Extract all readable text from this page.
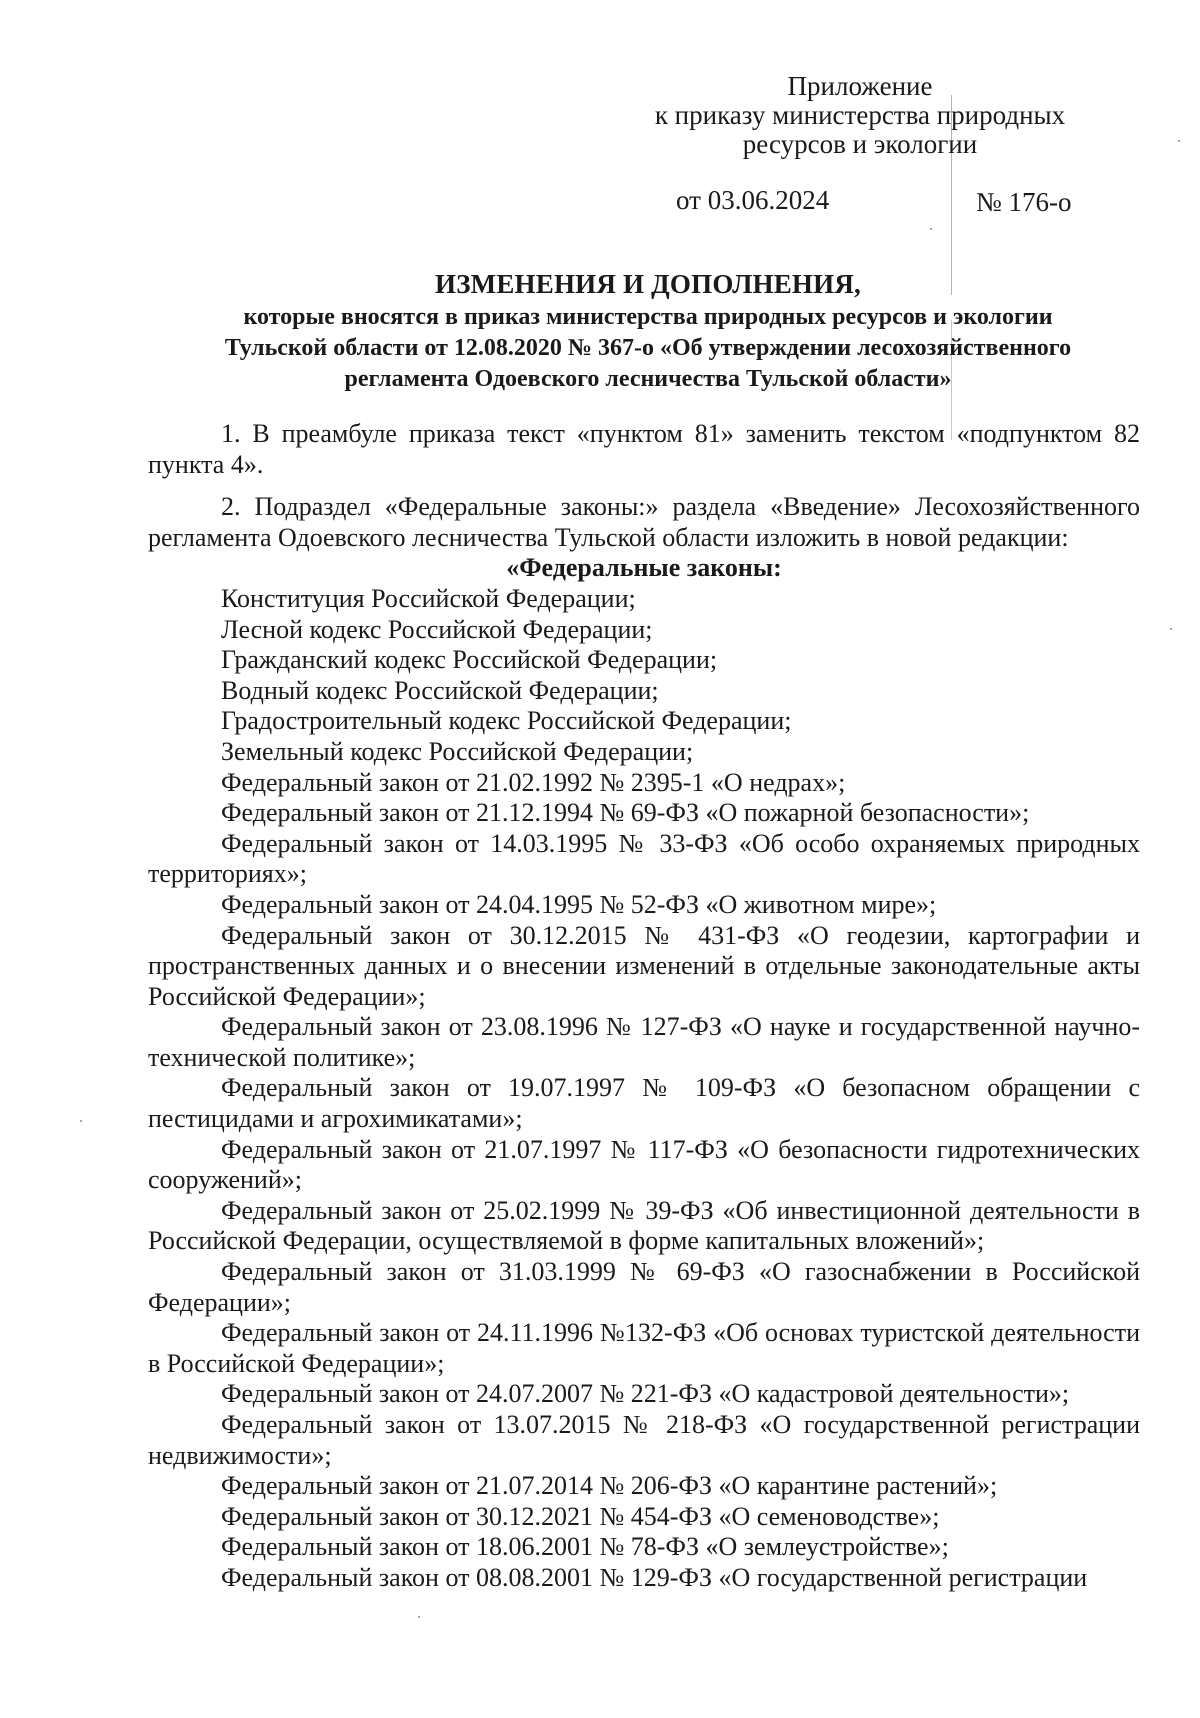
Приложение
к приказу министерства природных
ресурсов и экологии
от 03.06.2024	№ 176-о
ИЗМЕНЕНИЯ И ДОПОЛНЕНИЯ,
которые вносятся в приказ министерства природных ресурсов и экологии
Тульской области от 12.08.2020 № 367-о «Об утверждении лесохозяйственного
регламента Одоевского лесничества Тульской области»

1. В преамбуле приказа текст «пунктом 81» заменить текстом «подпунктом 82 пункта 4».

2. Подраздел «Федеральные законы:» раздела «Введение» Лесохозяйственного регламента Одоевского лесничества Тульской области изложить в новой редакции:

«Федеральные законы:

Конституция Российской Федерации;

Лесной кодекс Российской Федерации;

Гражданский кодекс Российской Федерации;

Водный кодекс Российской Федерации;

Градостроительный кодекс Российской Федерации;

Земельный кодекс Российской Федерации;

Федеральный закон от 21.02.1992 № 2395-1 «О недрах»;

Федеральный закон от 21.12.1994 № 69-ФЗ «О пожарной безопасности»;

Федеральный закон от 14.03.1995 № 33-ФЗ «Об особо охраняемых природных территориях»;

Федеральный закон от 24.04.1995 № 52-ФЗ «О животном мире»;

Федеральный закон от 30.12.2015 № 431-ФЗ «О геодезии, картографии и пространственных данных и о внесении изменений в отдельные законодательные акты Российской Федерации»;

Федеральный закон от 23.08.1996 № 127-ФЗ «О науке и государственной научно-технической политике»;

Федеральный закон от 19.07.1997 № 109-ФЗ «О безопасном обращении с пестицидами и агрохимикатами»;

Федеральный закон от 21.07.1997 № 117-ФЗ «О безопасности гидротехнических сооружений»;

Федеральный закон от 25.02.1999 № 39-ФЗ «Об инвестиционной деятельности в Российской Федерации, осуществляемой в форме капитальных вложений»;

Федеральный закон от 31.03.1999 № 69-ФЗ «О газоснабжении в Российской Федерации»;

Федеральный закон от 24.11.1996 №132-ФЗ «Об основах туристской деятельности в Российской Федерации»;

Федеральный закон от 24.07.2007 № 221-ФЗ «О кадастровой деятельности»;

Федеральный закон от 13.07.2015 № 218-ФЗ «О государственной регистрации недвижимости»;

Федеральный закон от 21.07.2014 № 206-ФЗ «О карантине растений»;

Федеральный закон от 30.12.2021 № 454-ФЗ «О семеноводстве»;

Федеральный закон от 18.06.2001 № 78-ФЗ «О землеустройстве»;

Федеральный закон от 08.08.2001 № 129-ФЗ «О государственной регистрации
